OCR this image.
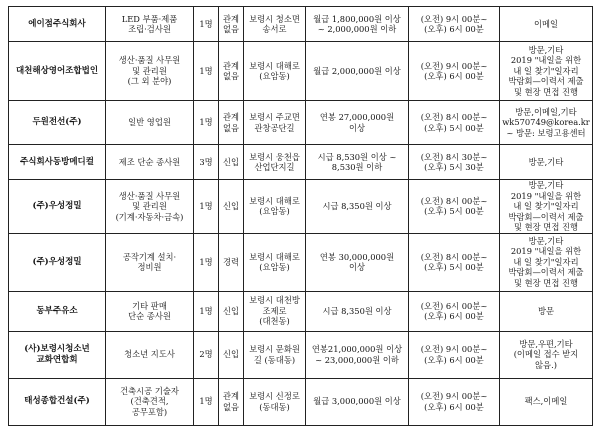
에이점주식회사	LED 부품·제품
조립·검사원	1명	관계
없음	보령시 청소면
송서로	월급 1,800,000원 이상
~ 2,000,000원 이하	(오전) 9시 00분~
(오후) 6시 00분	이메일

대천해상영어조합법인	생산·품질 사무원
및 관리원
(그 외 분야)	1명	관계
없음	보령시 대해로
(요암동)	월급 2,000,000원 이상	(오전) 9시 00분~
(오후) 6시 00분	방문,기타
2019 "내일을 위한
내 일 찾기"일자리
박람회—이력서 제출
및 현장 면접 진행

두원전선(주)	일반 영업원	1명	관계
없음	보령시 주교면
관창공단길	연봉 27,000,000원
이상	(오전) 8시 00분~
(오후) 5시 00분	방문,이메일,기타
wk570749@korea.kr
~ 방문: 보령고용센터

주식회사동방메디컬	제조 단순 종사원	3명	신입	보령시 웅천읍
산업단지길	시급 8,530원 이상 ~
8,530원 이하	(오전) 8시 30분~
(오후) 5시 30분	방문,기타

(주)우성정밀	생산·품질 사무원
및 관리원
(기계·자동차·금속)	1명	신입	보령시 대해로
(요암동)	시급 8,350원 이상	(오전) 8시 00분~
(오후) 5시 00분	방문,기타
2019 "내일을 위한
내 일 찾기"일자리
박람회—이력서 제출
및 현장 면접 진행

(주)우성정밀	공작기계 설치·
정비원	1명	경력	보령시 대해로
(요암동)	연봉 30,000,000원
이상	(오전) 8시 00분~
(오후) 5시 00분	방문,기타
2019 "내일을 위한
내 일 찾기"일자리
박람회—이력서 제출
및 현장 면접 진행

동부주유소	기타 판매
단순 종사원	1명	신입	보령시 대천방
조제로
(대천동)	시급 8,350원 이상	(오전) 6시 00분~
(오후) 6시 00분	방문

(사)보령시청소년
교화연합회	청소년 지도사	2명	신입	보령시 문화원
길 (동대동)	연봉21,000,000원 이상
~ 23,000,000원 이하	(오전) 9시 00분~
(오후) 6시 00분	방문,우편,기타
(이메일 접수 받지
않음.)

태성종합건설(주)	건축시공 기술자
(건축견적,
공무포함)	1명	관계
없음	보령시 신정로
(동대동)	월급 3,000,000원 이상	(오전) 9시 00분~
(오후) 6시 00분	팩스,이메일
